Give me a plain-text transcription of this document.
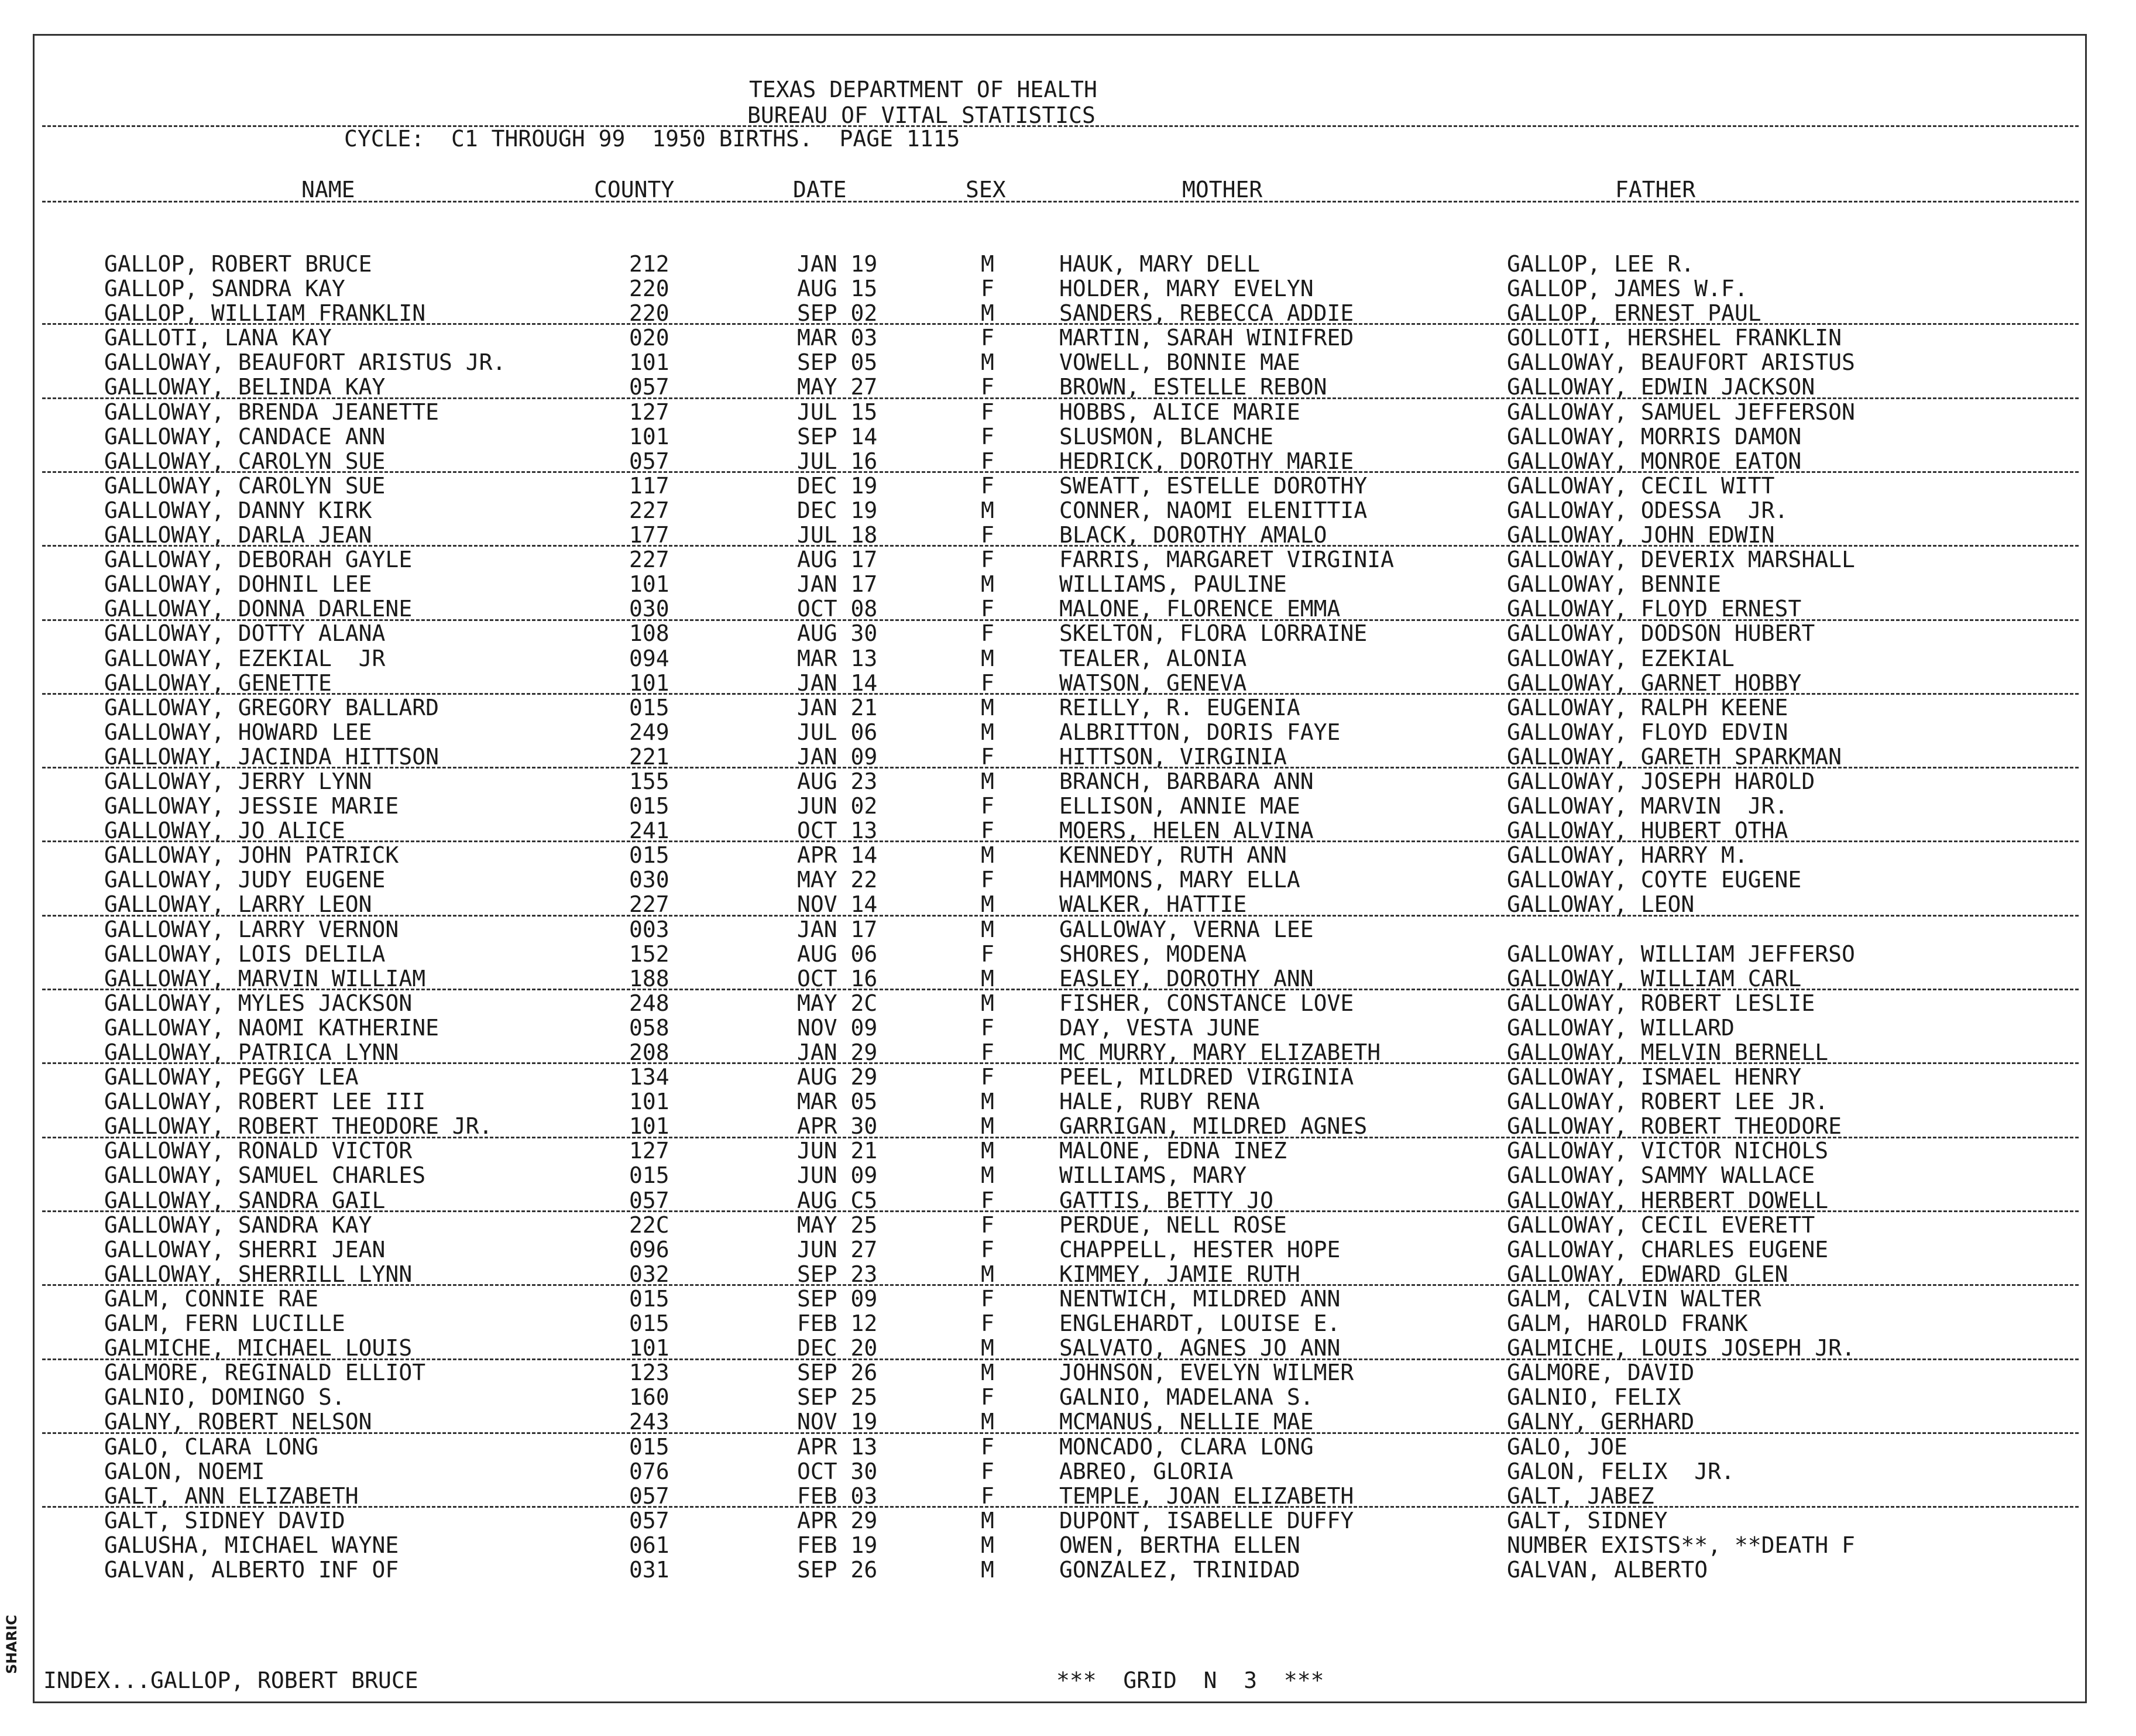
SHARIC
TEXAS DEPARTMENT OF HEALTH
BUREAU OF VITAL STATISTICS
CYCLE:  C1 THROUGH 99  1950 BIRTHS.  PAGE 1115
NAME	COUNTY	DATE	SEX	MOTHER	FATHER
GALLOP, ROBERT BRUCE	212	JAN 19	M	HAUK, MARY DELL	GALLOP, LEE R.
GALLOP, SANDRA KAY	220	AUG 15	F	HOLDER, MARY EVELYN	GALLOP, JAMES W.F.
GALLOP, WILLIAM FRANKLIN	220	SEP 02	M	SANDERS, REBECCA ADDIE	GALLOP, ERNEST PAUL
GALLOTI, LANA KAY	020	MAR 03	F	MARTIN, SARAH WINIFRED	GOLLOTI, HERSHEL FRANKLIN
GALLOWAY, BEAUFORT ARISTUS JR.	101	SEP 05	M	VOWELL, BONNIE MAE	GALLOWAY, BEAUFORT ARISTUS
GALLOWAY, BELINDA KAY	057	MAY 27	F	BROWN, ESTELLE REBON	GALLOWAY, EDWIN JACKSON
GALLOWAY, BRENDA JEANETTE	127	JUL 15	F	HOBBS, ALICE MARIE	GALLOWAY, SAMUEL JEFFERSON
GALLOWAY, CANDACE ANN	101	SEP 14	F	SLUSMON, BLANCHE	GALLOWAY, MORRIS DAMON
GALLOWAY, CAROLYN SUE	057	JUL 16	F	HEDRICK, DOROTHY MARIE	GALLOWAY, MONROE EATON
GALLOWAY, CAROLYN SUE	117	DEC 19	F	SWEATT, ESTELLE DOROTHY	GALLOWAY, CECIL WITT
GALLOWAY, DANNY KIRK	227	DEC 19	M	CONNER, NAOMI ELENITTIA	GALLOWAY, ODESSA  JR.
GALLOWAY, DARLA JEAN	177	JUL 18	F	BLACK, DOROTHY AMALO	GALLOWAY, JOHN EDWIN
GALLOWAY, DEBORAH GAYLE	227	AUG 17	F	FARRIS, MARGARET VIRGINIA	GALLOWAY, DEVERIX MARSHALL
GALLOWAY, DOHNIL LEE	101	JAN 17	M	WILLIAMS, PAULINE	GALLOWAY, BENNIE
GALLOWAY, DONNA DARLENE	030	OCT 08	F	MALONE, FLORENCE EMMA	GALLOWAY, FLOYD ERNEST
GALLOWAY, DOTTY ALANA	108	AUG 30	F	SKELTON, FLORA LORRAINE	GALLOWAY, DODSON HUBERT
GALLOWAY, EZEKIAL  JR	094	MAR 13	M	TEALER, ALONIA	GALLOWAY, EZEKIAL
GALLOWAY, GENETTE	101	JAN 14	F	WATSON, GENEVA	GALLOWAY, GARNET HOBBY
GALLOWAY, GREGORY BALLARD	015	JAN 21	M	REILLY, R. EUGENIA	GALLOWAY, RALPH KEENE
GALLOWAY, HOWARD LEE	249	JUL 06	M	ALBRITTON, DORIS FAYE	GALLOWAY, FLOYD EDVIN
GALLOWAY, JACINDA HITTSON	221	JAN 09	F	HITTSON, VIRGINIA	GALLOWAY, GARETH SPARKMAN
GALLOWAY, JERRY LYNN	155	AUG 23	M	BRANCH, BARBARA ANN	GALLOWAY, JOSEPH HAROLD
GALLOWAY, JESSIE MARIE	015	JUN 02	F	ELLISON, ANNIE MAE	GALLOWAY, MARVIN  JR.
GALLOWAY, JO ALICE	241	OCT 13	F	MOERS, HELEN ALVINA	GALLOWAY, HUBERT OTHA
GALLOWAY, JOHN PATRICK	015	APR 14	M	KENNEDY, RUTH ANN	GALLOWAY, HARRY M.
GALLOWAY, JUDY EUGENE	030	MAY 22	F	HAMMONS, MARY ELLA	GALLOWAY, COYTE EUGENE
GALLOWAY, LARRY LEON	227	NOV 14	M	WALKER, HATTIE	GALLOWAY, LEON
GALLOWAY, LARRY VERNON	003	JAN 17	M	GALLOWAY, VERNA LEE
GALLOWAY, LOIS DELILA	152	AUG 06	F	SHORES, MODENA	GALLOWAY, WILLIAM JEFFERSO
GALLOWAY, MARVIN WILLIAM	188	OCT 16	M	EASLEY, DOROTHY ANN	GALLOWAY, WILLIAM CARL
GALLOWAY, MYLES JACKSON	248	MAY 2C	M	FISHER, CONSTANCE LOVE	GALLOWAY, ROBERT LESLIE
GALLOWAY, NAOMI KATHERINE	058	NOV 09	F	DAY, VESTA JUNE	GALLOWAY, WILLARD
GALLOWAY, PATRICA LYNN	208	JAN 29	F	MC MURRY, MARY ELIZABETH	GALLOWAY, MELVIN BERNELL
GALLOWAY, PEGGY LEA	134	AUG 29	F	PEEL, MILDRED VIRGINIA	GALLOWAY, ISMAEL HENRY
GALLOWAY, ROBERT LEE III	101	MAR 05	M	HALE, RUBY RENA	GALLOWAY, ROBERT LEE JR.
GALLOWAY, ROBERT THEODORE JR.	101	APR 30	M	GARRIGAN, MILDRED AGNES	GALLOWAY, ROBERT THEODORE
GALLOWAY, RONALD VICTOR	127	JUN 21	M	MALONE, EDNA INEZ	GALLOWAY, VICTOR NICHOLS
GALLOWAY, SAMUEL CHARLES	015	JUN 09	M	WILLIAMS, MARY	GALLOWAY, SAMMY WALLACE
GALLOWAY, SANDRA GAIL	057	AUG C5	F	GATTIS, BETTY JO	GALLOWAY, HERBERT DOWELL
GALLOWAY, SANDRA KAY	22C	MAY 25	F	PERDUE, NELL ROSE	GALLOWAY, CECIL EVERETT
GALLOWAY, SHERRI JEAN	096	JUN 27	F	CHAPPELL, HESTER HOPE	GALLOWAY, CHARLES EUGENE
GALLOWAY, SHERRILL LYNN	032	SEP 23	M	KIMMEY, JAMIE RUTH	GALLOWAY, EDWARD GLEN
GALM, CONNIE RAE	015	SEP 09	F	NENTWICH, MILDRED ANN	GALM, CALVIN WALTER
GALM, FERN LUCILLE	015	FEB 12	F	ENGLEHARDT, LOUISE E.	GALM, HAROLD FRANK
GALMICHE, MICHAEL LOUIS	101	DEC 20	M	SALVATO, AGNES JO ANN	GALMICHE, LOUIS JOSEPH JR.
GALMORE, REGINALD ELLIOT	123	SEP 26	M	JOHNSON, EVELYN WILMER	GALMORE, DAVID
GALNIO, DOMINGO S.	160	SEP 25	F	GALNIO, MADELANA S.	GALNIO, FELIX
GALNY, ROBERT NELSON	243	NOV 19	M	MCMANUS, NELLIE MAE	GALNY, GERHARD
GALO, CLARA LONG	015	APR 13	F	MONCADO, CLARA LONG	GALO, JOE
GALON, NOEMI	076	OCT 30	F	ABREO, GLORIA	GALON, FELIX  JR.
GALT, ANN ELIZABETH	057	FEB 03	F	TEMPLE, JOAN ELIZABETH	GALT, JABEZ
GALT, SIDNEY DAVID	057	APR 29	M	DUPONT, ISABELLE DUFFY	GALT, SIDNEY
GALUSHA, MICHAEL WAYNE	061	FEB 19	M	OWEN, BERTHA ELLEN	NUMBER EXISTS**, **DEATH F
GALVAN, ALBERTO INF OF	031	SEP 26	M	GONZALEZ, TRINIDAD	GALVAN, ALBERTO
INDEX...GALLOP, ROBERT BRUCE	***  GRID  N  3  ***
